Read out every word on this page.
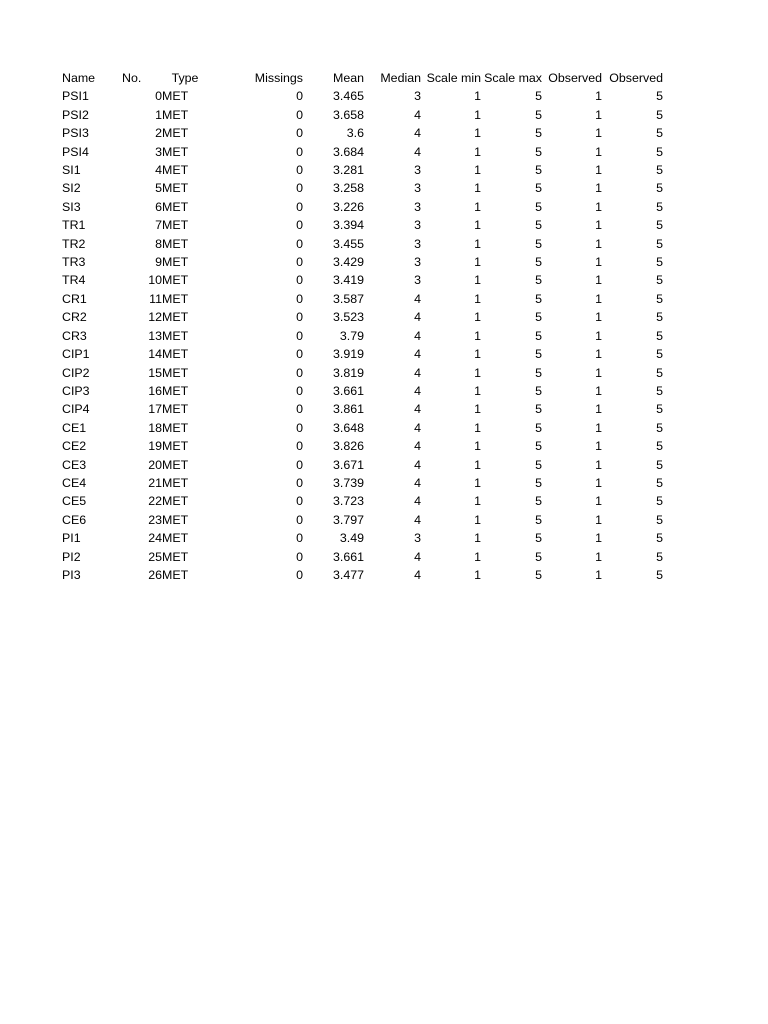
Name	No.	Type	Missings	Mean	Median	Scale min	Scale max	Observed	Observed
PSI1	0	MET	0	3.465	3	1	5	1	5
PSI2	1	MET	0	3.658	4	1	5	1	5
PSI3	2	MET	0	3.6	4	1	5	1	5
PSI4	3	MET	0	3.684	4	1	5	1	5
SI1	4	MET	0	3.281	3	1	5	1	5
SI2	5	MET	0	3.258	3	1	5	1	5
SI3	6	MET	0	3.226	3	1	5	1	5
TR1	7	MET	0	3.394	3	1	5	1	5
TR2	8	MET	0	3.455	3	1	5	1	5
TR3	9	MET	0	3.429	3	1	5	1	5
TR4	10	MET	0	3.419	3	1	5	1	5
CR1	11	MET	0	3.587	4	1	5	1	5
CR2	12	MET	0	3.523	4	1	5	1	5
CR3	13	MET	0	3.79	4	1	5	1	5
CIP1	14	MET	0	3.919	4	1	5	1	5
CIP2	15	MET	0	3.819	4	1	5	1	5
CIP3	16	MET	0	3.661	4	1	5	1	5
CIP4	17	MET	0	3.861	4	1	5	1	5
CE1	18	MET	0	3.648	4	1	5	1	5
CE2	19	MET	0	3.826	4	1	5	1	5
CE3	20	MET	0	3.671	4	1	5	1	5
CE4	21	MET	0	3.739	4	1	5	1	5
CE5	22	MET	0	3.723	4	1	5	1	5
CE6	23	MET	0	3.797	4	1	5	1	5
PI1	24	MET	0	3.49	3	1	5	1	5
PI2	25	MET	0	3.661	4	1	5	1	5
PI3	26	MET	0	3.477	4	1	5	1	5
